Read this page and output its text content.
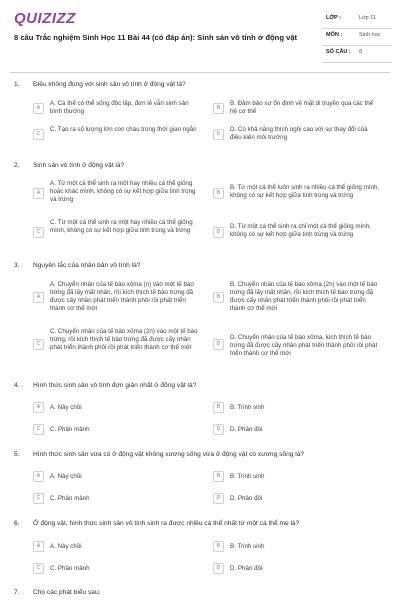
QUIZIZZ
8 câu Trắc nghiệm Sinh Học 11 Bài 44 (có đáp án): Sinh sản vô tính ở động vật
LỚP :	Lớp 11
MÔN :	Sinh học
SỐ CÂU : 8
1. Điều không đúng với sinh sản vô tính ở động vật là?
A
A. Cá thể có thể sống độc lập, đơn lẻ vẫn sinh sản bình thường
B
B. Đảm bảo sự ổn định về mặt di truyền qua các thế hệ cơ thể
C
C. Tạo ra số lượng lớn con cháu trong thời gian ngắn
D
D. Có khả năng thích nghi cao với sự thay đổi của điều kiện môi trường
2. Sinh sản vô tính ở động vật là?
A
A. Từ một cá thể sinh ra một hay nhiều cá thể giống hoặc khác mình, không có sự kết hợp giữa tinh trùng và trứng
B
B. Từ một cá thể luôn sinh ra nhiều cá thể giống mình, không có sự kết hợp giữa tinh trùng và trứng
C
C. Từ một cá thể sinh ra một hay nhiều cá thể giống mình, không có sự kết hợp giữa tinh trùng và trứng	D
D. Từ một cá thể sinh ra chỉ một cá thể giống mình, không có sự kết hợp giữa tinh trùng và trứng
3. Nguyên tắc của nhân bản vô tính là?
A
A. Chuyển nhân của tế bào xôma (n) vào một tế bào trứng đã lấy mất nhân, rồi kích thích tế bào trứng đã được cấy nhân phát triển thành phôi rồi phát triển thành cơ thể mới
B
B. Chuyển nhân của tế bào xôma (2n) vào một tế bào trứng đã lấy mất nhân, rồi kích thích tế bào trứng đã được cấy nhân phát triển thành phôi rồi phát triển thành cơ thể mới
C
C. Chuyển nhân của tế bào xôma (2n) vào một tế bào trứng, rồi kích thích tế bào trứng đã được cấy nhân phát triển thành phôi rồi phát triển thành cơ thể mới
D
D. Chuyển nhân của tế bào xôma, kích thích tế bào trứng đã được cấy nhân phát triển thành phôi rồi phát triển thành cơ thể mới
4. Hình thức sinh sản vô tính đơn giản nhất ở động vật là?
A	A. Nảy chồi	B	B. Trinh sinh
C	C. Phân mảnh	D	D. Phân đôi
5. Hình thức sinh sản vừa có ở động vật không xương sống vừa ở động vật có xương sống là?
A	A. Nảy chồi	B	B. Trinh sinh
C	C. Phân mảnh	D	D. Phân đôi
6. Ở động vật, hình thức sinh sản vô tính sinh ra được nhiều cá thể nhất từ một cá thể mẹ là?
A	A. Nảy chồi	B	B. Trinh sinh
C	C. Phân mảnh	D	D. Phân đôi
7. Cho các phát biểu sau:
